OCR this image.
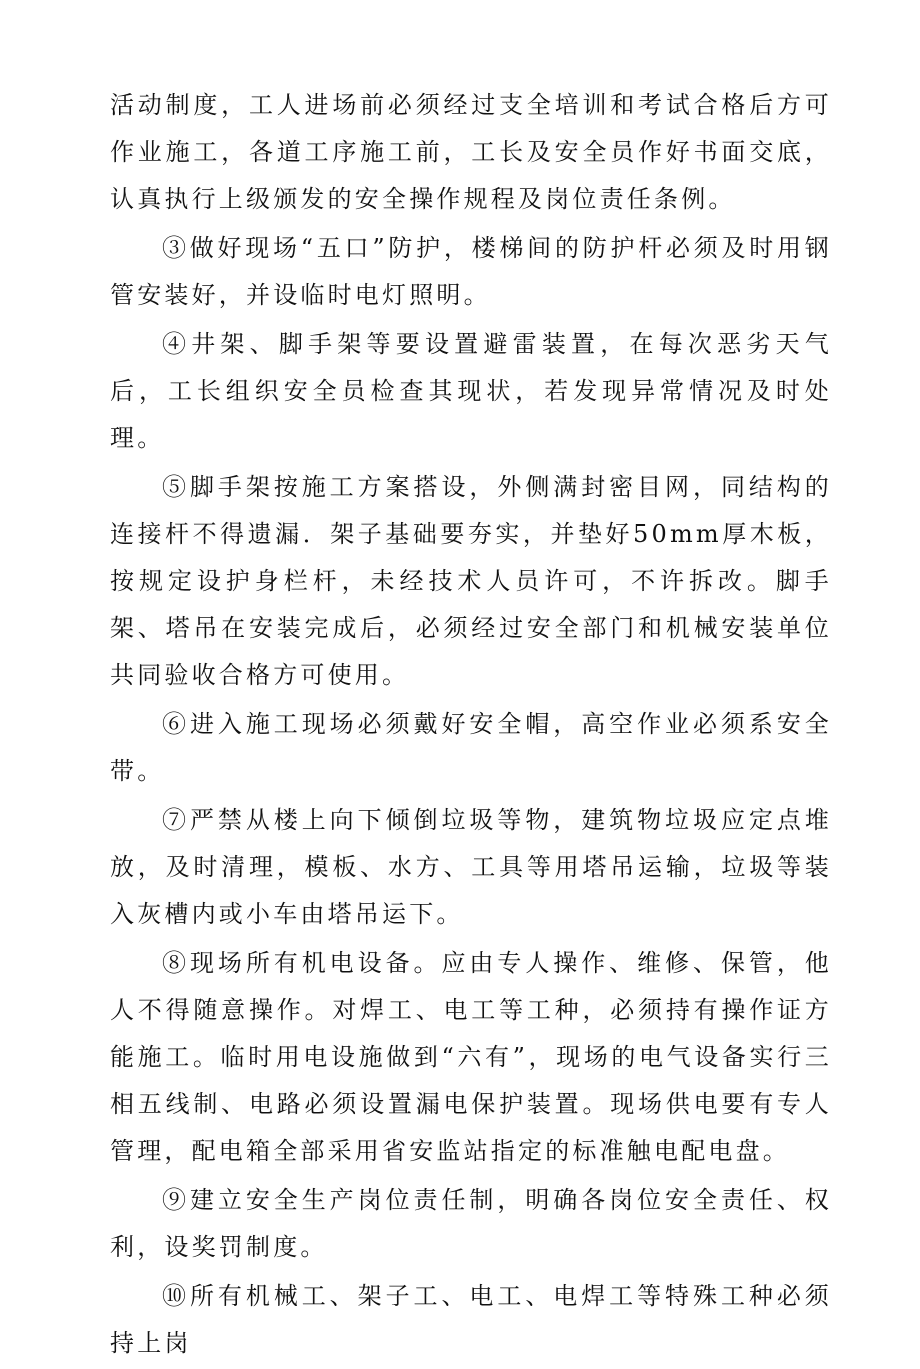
活动制度，工人进场前必须经过支全培训和考试合格后方可作业施工，各道工序施工前，工长及安全员作好书面交底，认真执行上级颁发的安全操作规程及岗位责任条例。

③做好现场“五口”防护，楼梯间的防护杆必须及时用钢管安装好，并设临时电灯照明。

④井架、脚手架等要设置避雷装置，在每次恶劣天气后，工长组织安全员检查其现状，若发现异常情况及时处理。

⑤脚手架按施工方案搭设，外侧满封密目网，同结构的连接杆不得遗漏．架子基础要夯实，并垫好50mm厚木板，按规定设护身栏杆，未经技术人员许可，不许拆改。脚手架、塔吊在安装完成后，必须经过安全部门和机械安装单位共同验收合格方可使用。

⑥进入施工现场必须戴好安全帽，高空作业必须系安全带。

⑦严禁从楼上向下倾倒垃圾等物，建筑物垃圾应定点堆放，及时清理，模板、水方、工具等用塔吊运输，垃圾等装入灰槽内或小车由塔吊运下。

⑧现场所有机电设备。应由专人操作、维修、保管，他人不得随意操作。对焊工、电工等工种，必须持有操作证方能施工。临时用电设施做到“六有”，现场的电气设备实行三相五线制、电路必须设置漏电保护装置。现场供电要有专人管理，配电箱全部采用省安监站指定的标准触电配电盘。

⑨建立安全生产岗位责任制，明确各岗位安全责任、权利，设奖罚制度。

⑩所有机械工、架子工、电工、电焊工等特殊工种必须持上岗
